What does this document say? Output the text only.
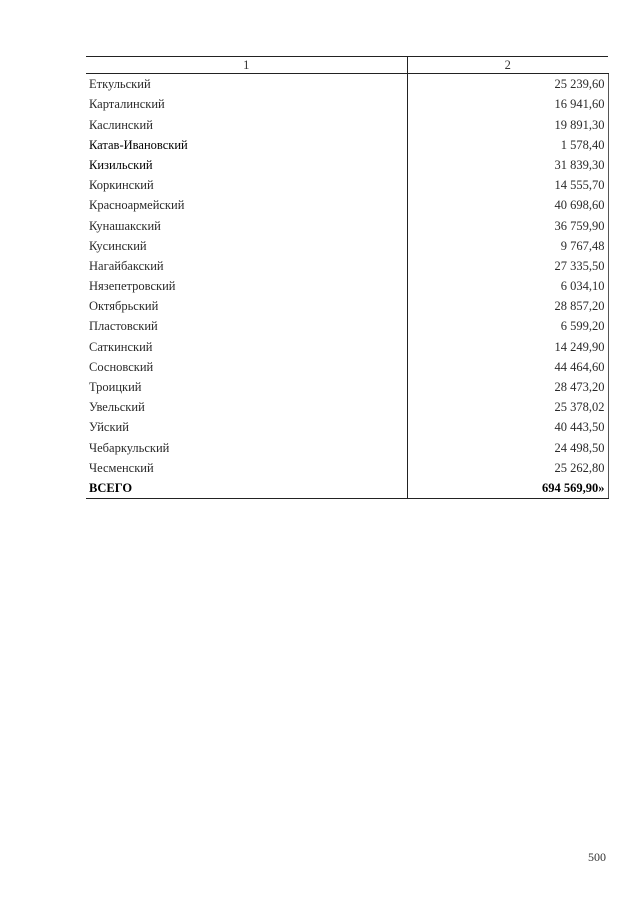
1	2
Еткульский	25 239,60
Карталинский	16 941,60
Каслинский	19 891,30
Катав-Ивановский	1 578,40
Кизильский	31 839,30
Коркинский	14 555,70
Красноармейский	40 698,60
Кунашакский	36 759,90
Кусинский	9 767,48
Нагайбакский	27 335,50
Нязепетровский	6 034,10
Октябрьский	28 857,20
Пластовский	6 599,20
Саткинский	14 249,90
Сосновский	44 464,60
Троицкий	28 473,20
Увельский	25 378,02
Уйский	40 443,50
Чебаркульский	24 498,50
Чесменский	25 262,80
ВСЕГО	694 569,90»
500
